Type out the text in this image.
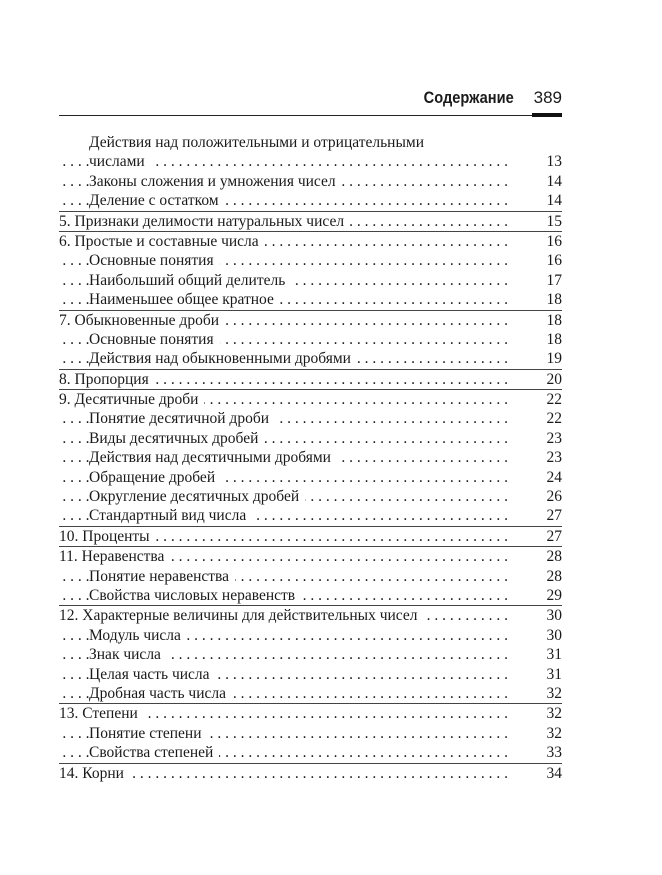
Содержание 389
Действия над положительными и отрицательными
. . .
числами	13
. . .
Законы сложения и умножения чисел	14
. . .
Деление с остатком	14
. . .
5. Признаки делимости натуральных чисел	15
. . .
6. Простые и составные числа	16
. . .
Основные понятия	16
. . .
Наибольший общий делитель	17
. . .
Наименьшее общее кратное	18
. . .
7. Обыкновенные дроби	18
. . .
Основные понятия	18
. . .
Действия над обыкновенными дробями	19
. . .
8. Пропорция	20
. . .
9. Десятичные дроби	22
. . .
Понятие десятичной дроби	22
. . .
Виды десятичных дробей	23
. . .
Действия над десятичными дробями	23
. . .
Обращение дробей	24
. . .
Округление десятичных дробей	26
. . .
Стандартный вид числа	27
. . .
10. Проценты	27
. . .
11. Неравенства	28
. . .
Понятие неравенства	28
. . .
Свойства числовых неравенств	29
. . .
12. Характерные величины для действительных чисел	30
. . .
Модуль числа	30
. . .
Знак числа	31
. . .
Целая часть числа	31
. . .
Дробная часть числа	32
. . .
13. Степени	32
. . .
Понятие степени	32
. . .
Свойства степеней	33
. . .
14. Корни	34
